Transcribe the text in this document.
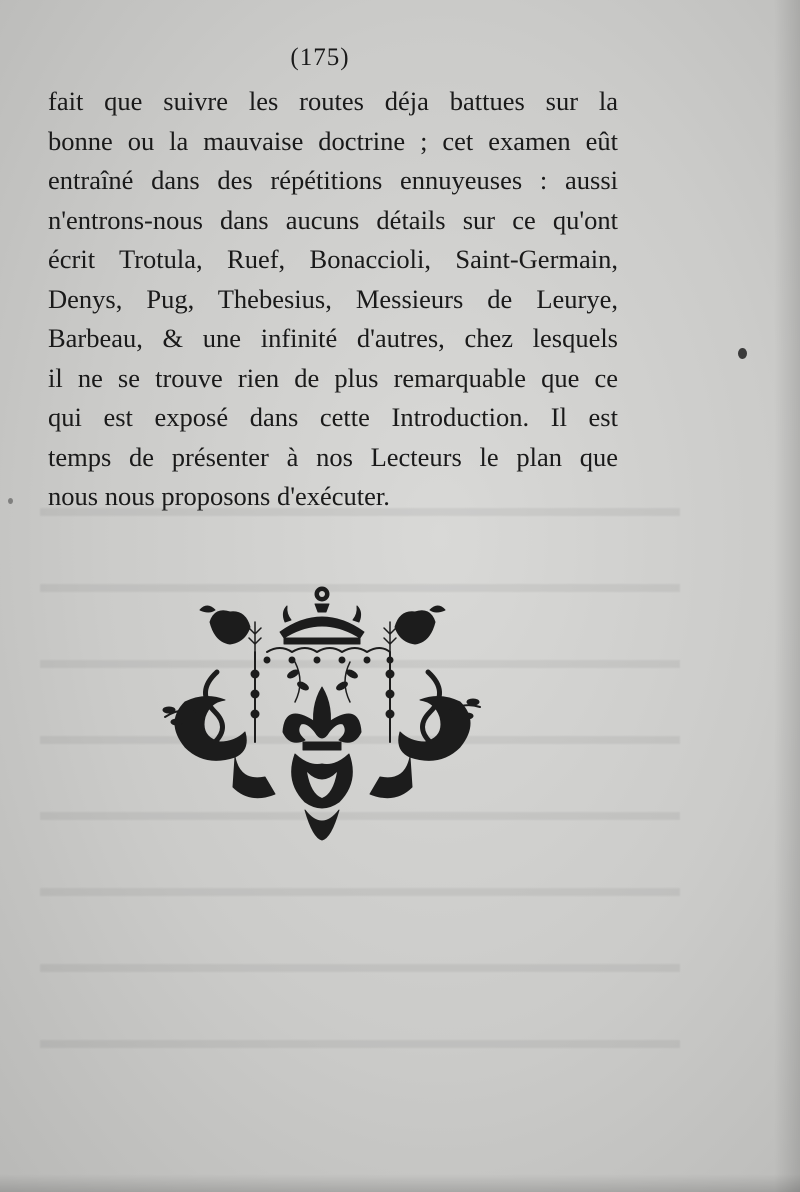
(175)
fait que suivre les routes déja battues sur la
bonne ou la mauvaise doctrine ; cet examen eût
entraîné dans des répétitions ennuyeuses : aussi
n'entrons-nous dans aucuns détails sur ce qu'ont
écrit Trotula, Ruef, Bonaccioli, Saint-Germain,
Denys, Pug, Thebesius, Messieurs de Leurye,
Barbeau, & une infinité d'autres, chez lesquels
il ne se trouve rien de plus remarquable que ce
qui est exposé dans cette Introduction. Il est
temps de présenter à nos Lecteurs le plan que
nous nous proposons d'exécuter.
